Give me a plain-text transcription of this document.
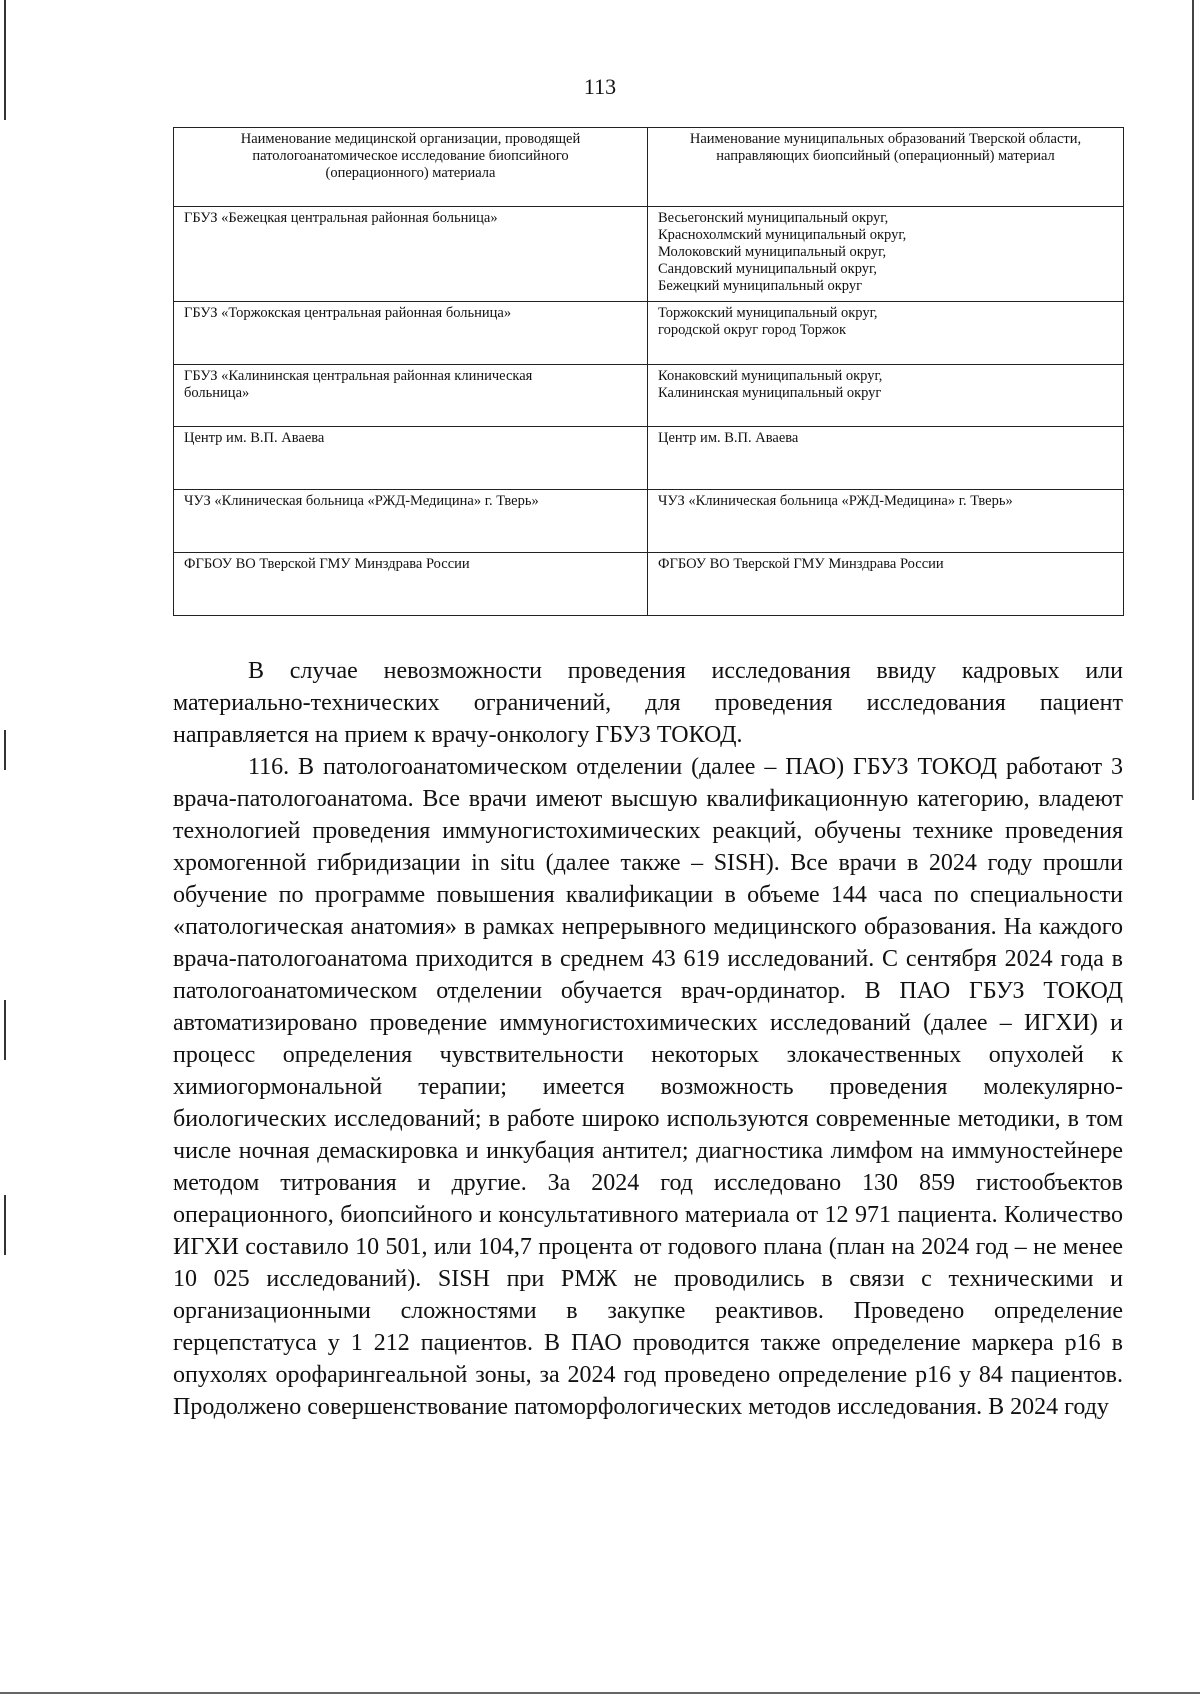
113
Наименование медицинской организации, проводящей
патологоанатомическое исследование биопсийного
(операционного) материала	Наименование муниципальных образований Тверской области,
направляющих биопсийный (операционный) материал

ГБУЗ «Бежецкая центральная районная больница»	Весьегонский муниципальный округ,
Краснохолмский муниципальный округ,
Молоковский муниципальный округ,
Сандовский муниципальный округ,
Бежецкий муниципальный округ

ГБУЗ «Торжокская центральная районная больница»	Торжокский муниципальный округ,
городской округ город Торжок

ГБУЗ «Калининская центральная районная клиническая
больница»	Конаковский муниципальный округ,
Калининская муниципальный округ

Центр им. В.П. Аваева	Центр им. В.П. Аваева

ЧУЗ «Клиническая больница «РЖД-Медицина» г. Тверь»	ЧУЗ «Клиническая больница «РЖД-Медицина» г. Тверь»

ФГБОУ ВО Тверской ГМУ Минздрава России	ФГБОУ ВО Тверской ГМУ Минздрава России

В случае невозможности проведения исследования ввиду кадровых или материально-технических ограничений, для проведения исследования пациент направляется на прием к врачу-онкологу ГБУЗ ТОКОД.

116. В патологоанатомическом отделении (далее – ПАО) ГБУЗ ТОКОД работают 3 врача-патологоанатома. Все врачи имеют высшую квалификационную категорию, владеют технологией проведения иммуногистохимических реакций, обучены технике проведения хромогенной гибридизации in situ (далее также – SISH). Все врачи в 2024 году прошли обучение по программе повышения квалификации в объеме 144 часа по специальности «патологическая анатомия» в рамках непрерывного медицинского образования. На каждого врача-патологоанатома приходится в среднем 43 619 исследований. С сентября 2024 года в патологоанатомическом отделении обучается врач-ординатор. В ПАО ГБУЗ ТОКОД автоматизировано проведение иммуногистохимических исследований (далее – ИГХИ) и процесс определения чувствительности некоторых злокачественных опухолей к химиогормональной терапии; имеется возможность проведения молекулярно-биологических исследований; в работе широко используются современные методики, в том числе ночная демаскировка и инкубация антител; диагностика лимфом на иммуностейнере методом титрования и другие. За 2024 год исследовано 130 859 гистообъектов операционного, биопсийного и консультативного материала от 12 971 пациента. Количество ИГХИ составило 10 501, или 104,7 процента от годового плана (план на 2024 год – не менее 10 025 исследований). SISH при РМЖ не проводились в связи с техническими и организационными сложностями в закупке реактивов. Проведено определение герцепстатуса у 1 212 пациентов. В ПАО проводится также определение маркера p16 в опухолях орофарингеальной зоны, за 2024 год проведено определение p16 у 84 пациентов. Продолжено совершенствование патоморфологических методов исследования. В 2024 году
